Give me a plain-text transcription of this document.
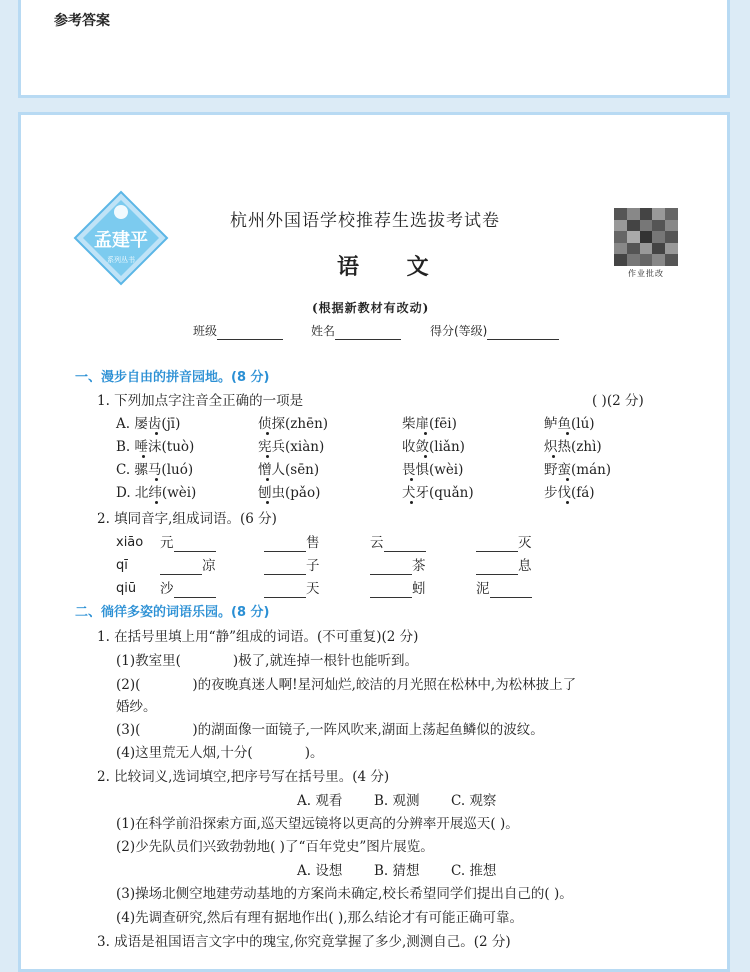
参考答案
孟建平
系列丛书
作业批改
杭州外国语学校推荐生选拔考试卷
语 文
(根据新教材有改动)
班级	姓名	得分(等级)
一、漫步自由的拼音园地。(8 分)
1. 下列加点字注音全正确的一项是	( )(2 分)
A. 屡齿(jī)	侦探(zhēn)	柴扉(fēi)	鲈鱼(lú)
B. 唾沫(tuò)	宪兵(xiàn)	收敛(liǎn)	炽热(zhì)
C. 骡马(luó)	憎人(sēn)	畏惧(wèi)	野蛮(mán)
D. 北纬(wèi)	刨虫(pǎo)	犬牙(quǎn)	步伐(fá)
2. 填同音字,组成词语。(6 分)
xiāo 元	售	云	灭
qī	凉	子	茶	息
qiū 沙	天	蚓	泥
二、徜徉多姿的词语乐园。(8 分)
1. 在括号里填上用“静”组成的词语。(不可重复)(2 分)
(1)教室里(	)极了,就连掉一根针也能听到。
(2)(	)的夜晚真迷人啊!星河灿烂,皎洁的月光照在松林中,为松林披上了
婚纱。
(3)(	)的湖面像一面镜子,一阵风吹来,湖面上荡起鱼鳞似的波纹。
(4)这里荒无人烟,十分(	)。
2. 比较词义,选词填空,把序号写在括号里。(4 分)
A. 观看 B. 观测 C. 观察
(1)在科学前沿探索方面,巡天望远镜将以更高的分辨率开展巡天( )。
(2)少先队员们兴致勃勃地( )了“百年党史”图片展览。
A. 设想 B. 猜想 C. 推想
(3)操场北侧空地建劳动基地的方案尚未确定,校长希望同学们提出自己的( )。
(4)先调查研究,然后有理有据地作出( ),那么结论才有可能正确可靠。
3. 成语是祖国语言文字中的瑰宝,你究竟掌握了多少,测测自己。(2 分)
